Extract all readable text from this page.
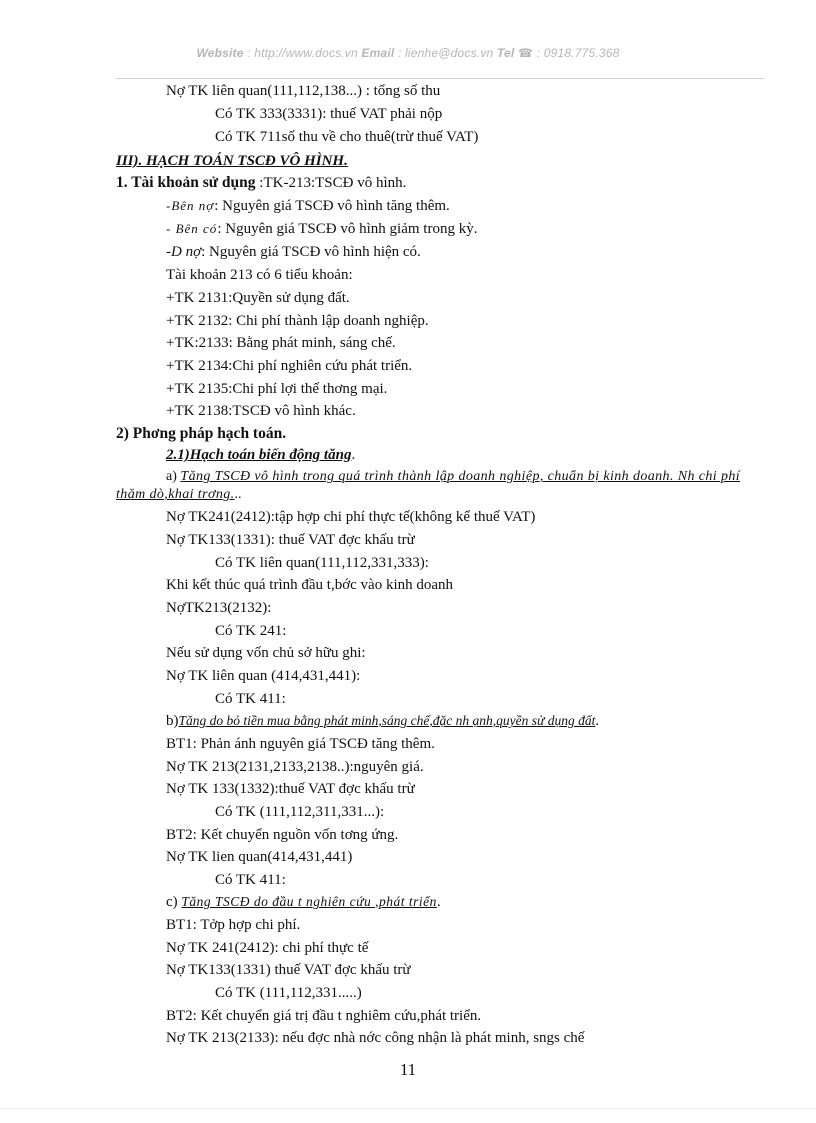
Website : http://www.docs.vn Email : lienhe@docs.vn Tel ☎ : 0918.775.368
Nợ TK liên quan(111,112,138...) : tổng số thu
Có TK 333(3331): thuế VAT phải nộp
Có TK 711số thu về cho thuê(trừ thuế VAT)
III). HẠCH TOÁN TSCĐ VÔ HÌNH.
1. Tài khoản sử dụng :TK-213:TSCĐ vô hình.
-Bên nợ: Nguyên giá TSCĐ vô hình tăng thêm.
- Bên có: Nguyên giá TSCĐ vô hình giảm trong kỳ.
-D nợ: Nguyên giá TSCĐ vô hình hiện có.
Tài khoản 213 có 6 tiểu khoản:
+TK 2131:Quyền sử dụng đất.
+TK 2132: Chi phí thành lập doanh nghiệp.
+TK:2133: Bằng phát minh, sáng chế.
+TK 2134:Chi phí nghiên cứu phát triển.
+TK 2135:Chi phí lợi thế thơng mại.
+TK 2138:TSCĐ vô hình khác.
2) Phơng pháp hạch toán.
2.1)Hạch toán biến động tăng.
a) Tăng TSCĐ vô hình trong quá trình thành lập doanh nghiệp, chuẩn bị kinh doanh. Nh chi phí thăm dò,khai trơng...
Nợ TK241(2412):tập hợp chi phí thực tế(không kể thuế VAT)
Nợ TK133(1331): thuế VAT đợc khấu trừ
Có TK liên quan(111,112,331,333):
Khi kết thúc quá trình đầu t,bớc vào kinh doanh
NợTK213(2132):
Có TK 241:
Nếu sử dụng vốn chủ sở hữu ghi:
Nợ TK liên quan (414,431,441):
Có TK 411:
b)Tăng do bỏ tiền mua bằng phát minh,sáng chế,đặc nh ạnh,quyền sử dụng đất.
BT1: Phản ánh nguyên giá TSCĐ tăng thêm.
Nợ TK 213(2131,2133,2138..):nguyên giá.
Nợ TK 133(1332):thuế VAT đợc khấu trừ
Có TK (111,112,311,331...):
BT2: Kết chuyển nguồn vốn tơng ứng.
Nợ TK lien quan(414,431,441)
Có TK 411:
c) Tăng TSCĐ do đầu t nghiên cứu ,phát triển.
BT1: Tởp hợp chi phí.
Nợ TK 241(2412): chi phí thực tế
Nợ TK133(1331) thuế VAT đợc khấu trừ
Có TK (111,112,331.....)
BT2: Kết chuyển giá trị đầu t nghiêm cứu,phát triển.
Nợ TK 213(2133): nếu đợc nhà nớc công nhận là phát minh, sngs chế
11
